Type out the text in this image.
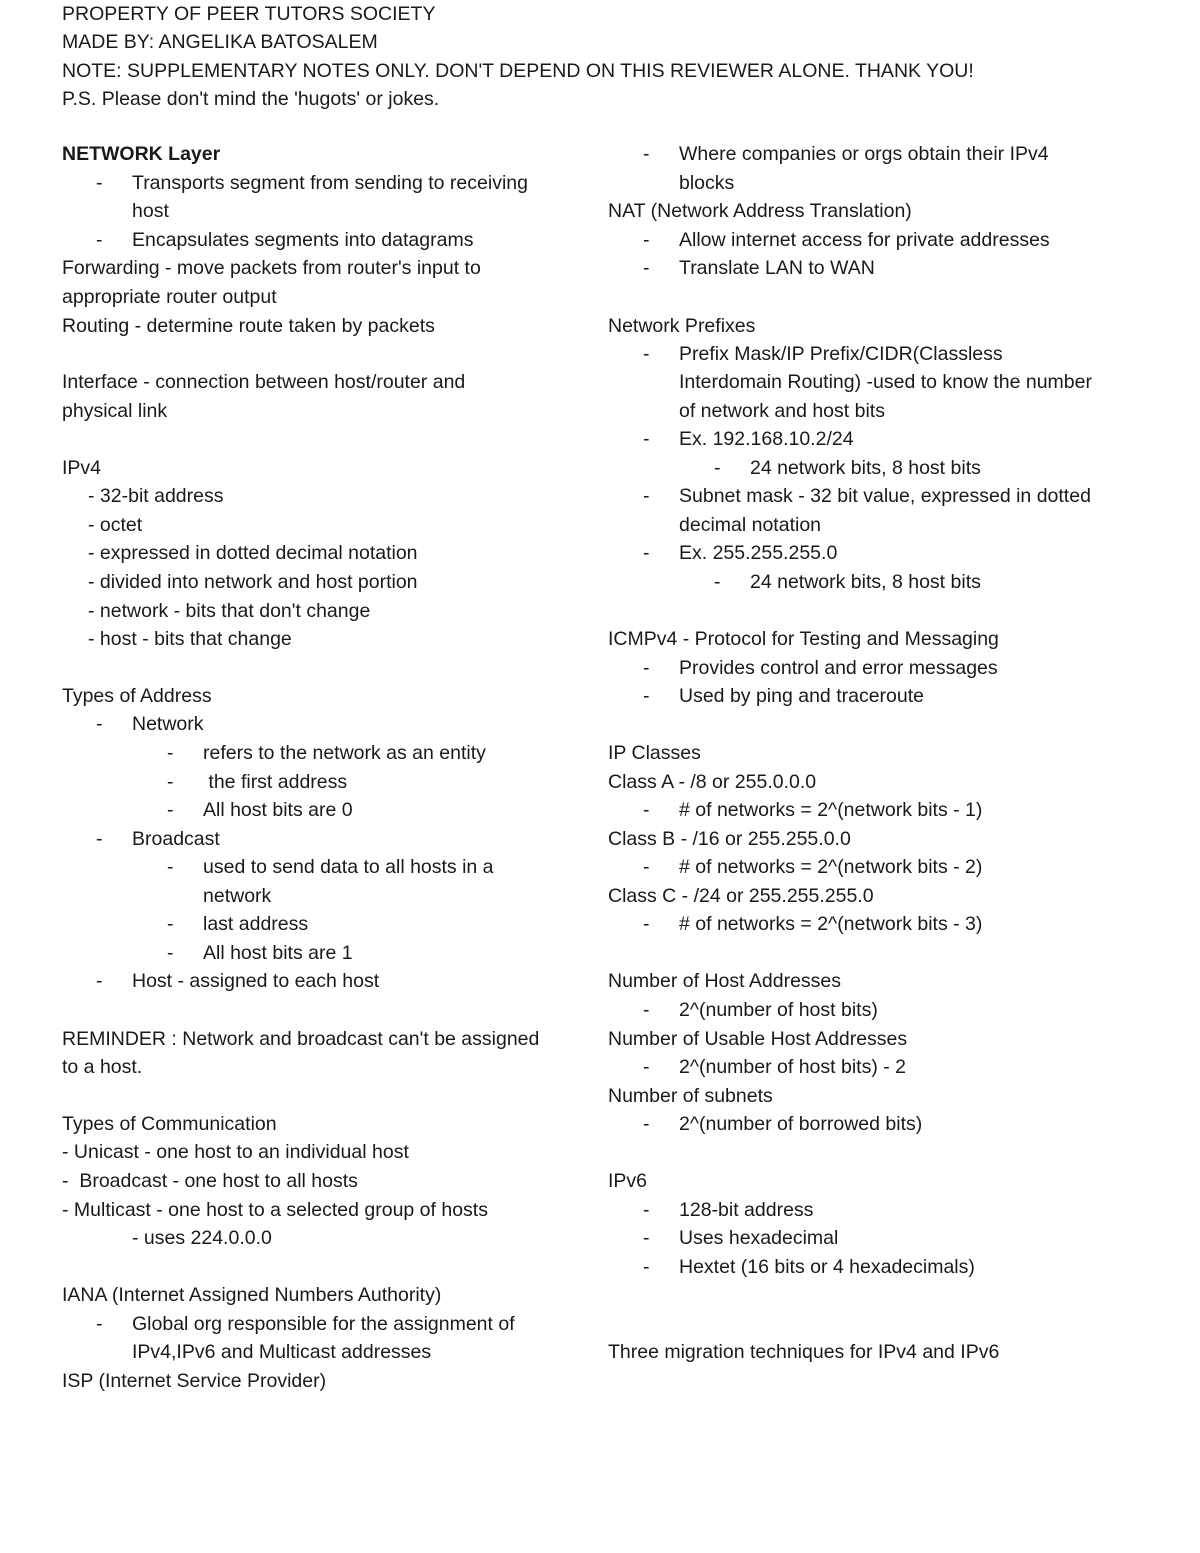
PROPERTY OF PEER TUTORS SOCIETY
MADE BY: ANGELIKA BATOSALEM
NOTE: SUPPLEMENTARY NOTES ONLY. DON'T DEPEND ON THIS REVIEWER ALONE. THANK YOU!
P.S. Please don't mind the 'hugots' or jokes.
NETWORK Layer
- Transports segment from sending to receiving
host
- Encapsulates segments into datagrams
Forwarding - move packets from router's input to
appropriate router output
Routing - determine route taken by packets
Interface - connection between host/router and
physical link
IPv4
- 32-bit address
- octet
- expressed in dotted decimal notation
- divided into network and host portion
- network - bits that don't change
- host - bits that change
Types of Address
- Network
- refers to the network as an entity
- the first address
- All host bits are 0
- Broadcast
- used to send data to all hosts in a
network
- last address
- All host bits are 1
- Host - assigned to each host
REMINDER : Network and broadcast can't be assigned
to a host.
Types of Communication
- Unicast - one host to an individual host
-  Broadcast - one host to all hosts
- Multicast - one host to a selected group of hosts
- uses 224.0.0.0
IANA (Internet Assigned Numbers Authority)
- Global org responsible for the assignment of
IPv4,IPv6 and Multicast addresses
ISP (Internet Service Provider)
- Where companies or orgs obtain their IPv4
blocks
NAT (Network Address Translation)
- Allow internet access for private addresses
- Translate LAN to WAN
Network Prefixes
- Prefix Mask/IP Prefix/CIDR(Classless
Interdomain Routing) -used to know the number
of network and host bits
- Ex. 192.168.10.2/24
- 24 network bits, 8 host bits
- Subnet mask - 32 bit value, expressed in dotted
decimal notation
- Ex. 255.255.255.0
- 24 network bits, 8 host bits
ICMPv4 - Protocol for Testing and Messaging
- Provides control and error messages
- Used by ping and traceroute
IP Classes
Class A - /8 or 255.0.0.0
- # of networks = 2^(network bits - 1)
Class B - /16 or 255.255.0.0
- # of networks = 2^(network bits - 2)
Class C - /24 or 255.255.255.0
- # of networks = 2^(network bits - 3)
Number of Host Addresses
- 2^(number of host bits)
Number of Usable Host Addresses
- 2^(number of host bits) - 2
Number of subnets
- 2^(number of borrowed bits)
IPv6
- 128-bit address
- Uses hexadecimal
- Hextet (16 bits or 4 hexadecimals)
Three migration techniques for IPv4 and IPv6
